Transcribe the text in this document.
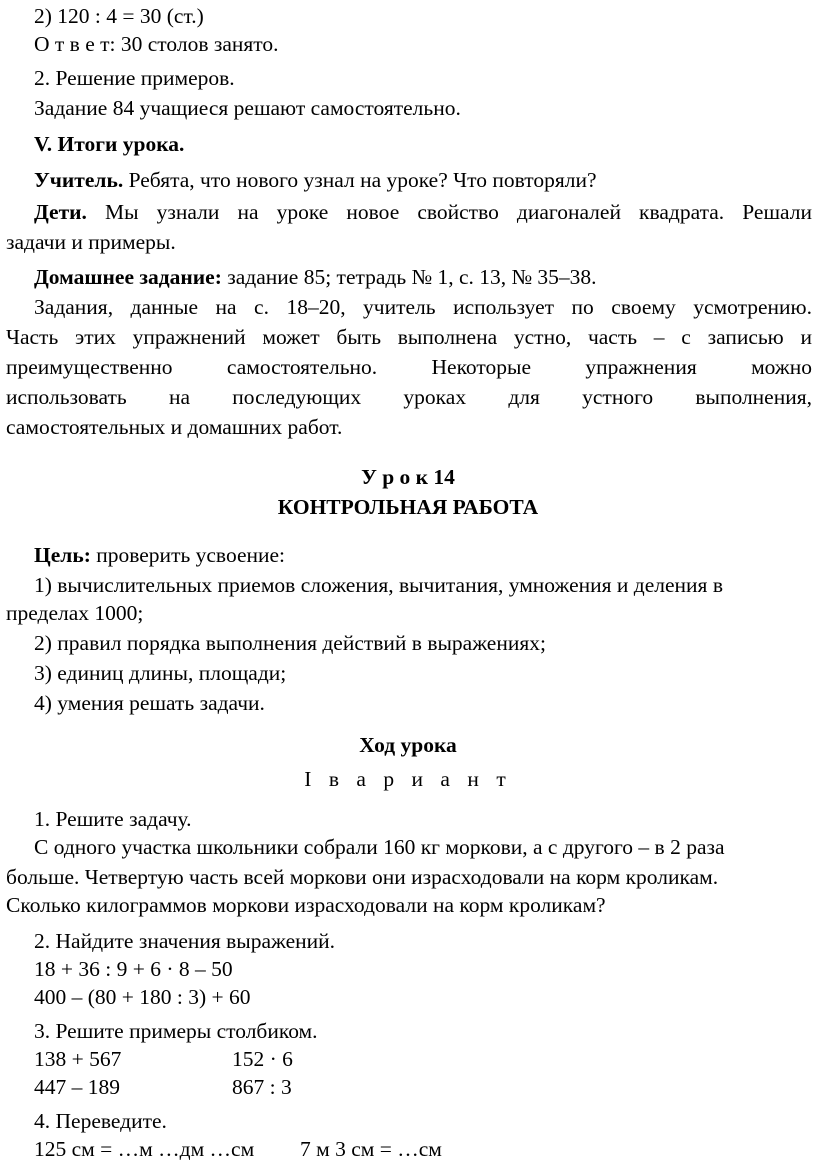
2) 120 : 4 = 30 (ст.)
О т в е т: 30 столов занято.
2. Решение примеров.
Задание 84 учащиеся решают самостоятельно.
V. Итоги урока.
Учитель. Ребята, что нового узнал на уроке? Что повторяли?
Дети. Мы узнали на уроке новое свойство диагоналей квадрата. Решали
задачи и примеры.
Домашнее задание: задание 85; тетрадь № 1, с. 13, № 35–38.
Задания, данные на с. 18–20, учитель использует по своему усмотрению.
Часть этих упражнений может быть выполнена устно, часть – с записью и
преимущественно самостоятельно. Некоторые упражнения можно
использовать на последующих уроках для устного выполнения,
самостоятельных и домашних работ.
У р о к 14
КОНТРОЛЬНАЯ РАБОТА
Цель: проверить усвоение:
1) вычислительных приемов сложения, вычитания, умножения и деления в
пределах 1000;
2) правил порядка выполнения действий в выражениях;
3) единиц длины, площади;
4) умения решать задачи.
Ход урока
I в а р и а н т
1. Решите задачу.
С одного участка школьники собрали 160 кг моркови, а с другого – в 2 раза
больше. Четвертую часть всей моркови они израсходовали на корм кроликам.
Сколько килограммов моркови израсходовали на корм кроликам?
2. Найдите значения выражений.
18 + 36 : 9 + 6 · 8 – 50
400 – (80 + 180 : 3) + 60
3. Решите примеры столбиком.
138 + 567	152 · 6
447 – 189	867 : 3
4. Переведите.
125 см = …м …дм …см 7 м 3 см = …см
